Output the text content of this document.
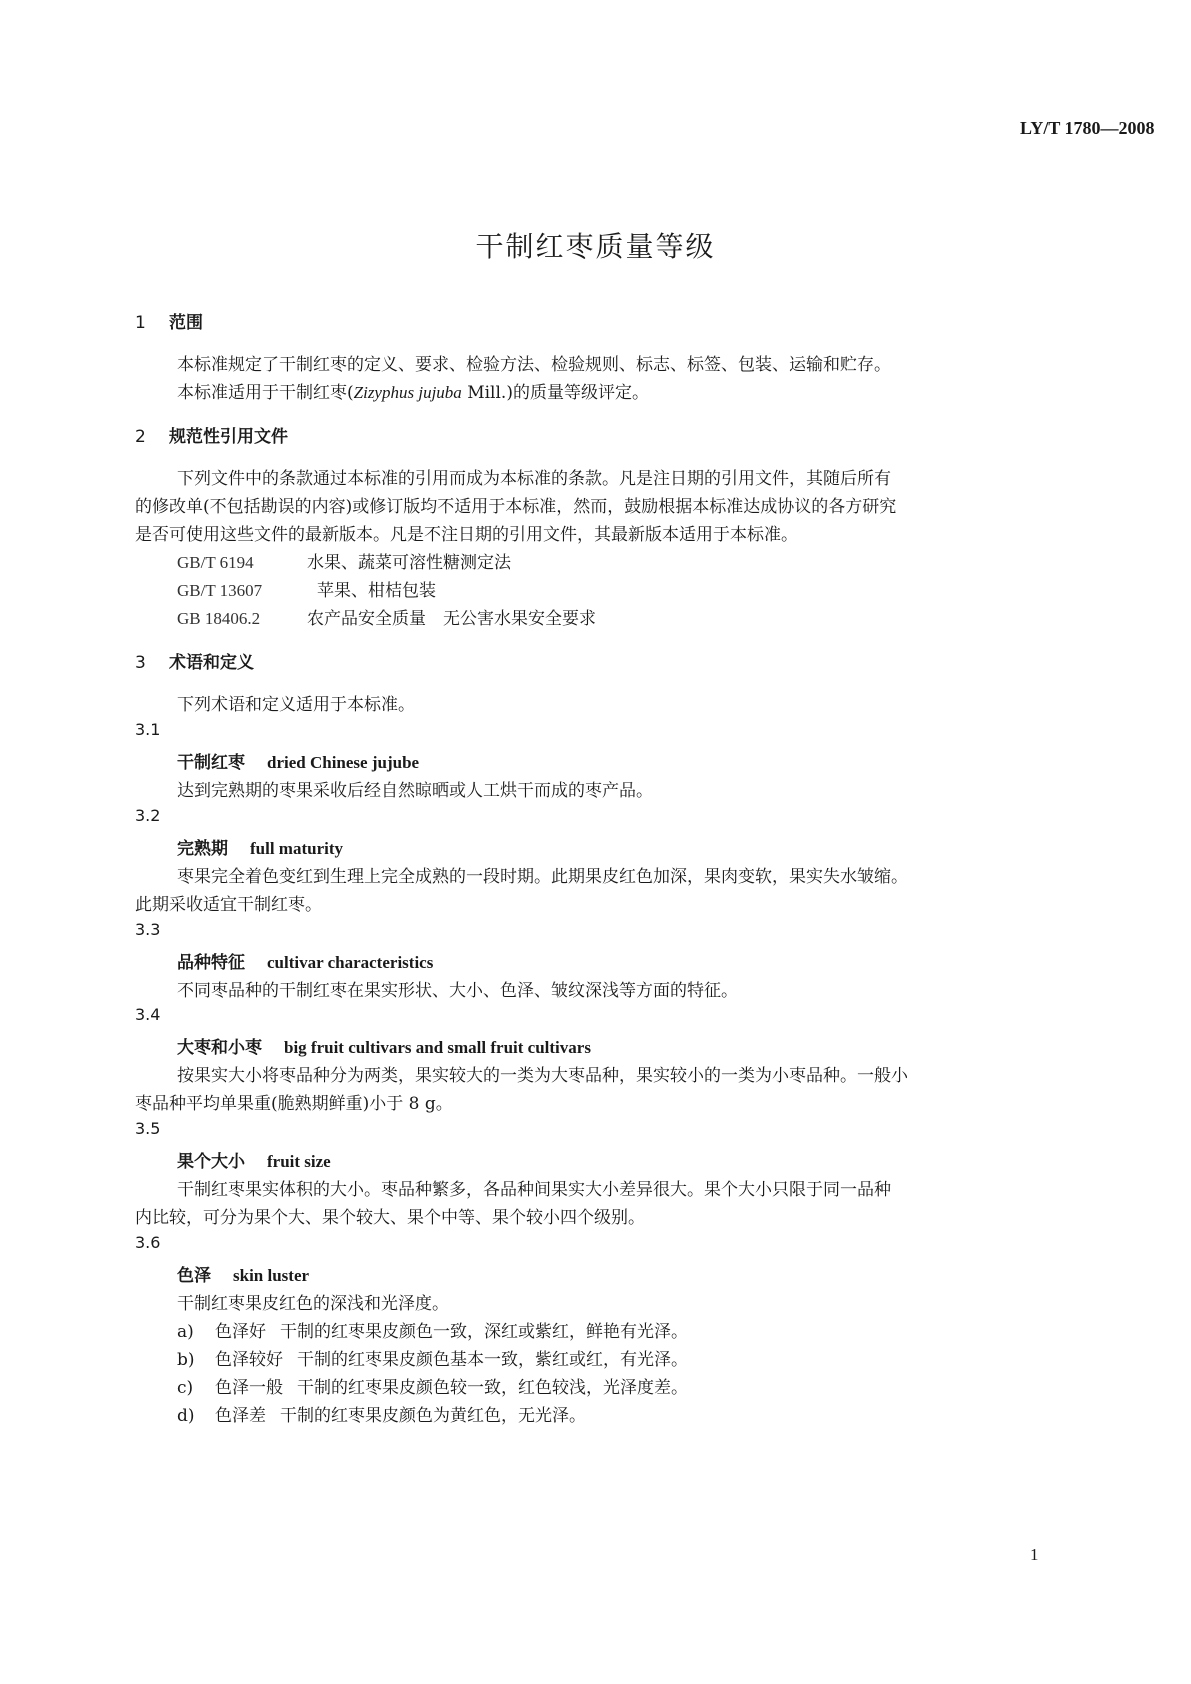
LY/T 1780—2008
干制红枣质量等级
1 范围
本标准规定了干制红枣的定义、要求、检验方法、检验规则、标志、标签、包装、运输和贮存。
本标准适用于干制红枣(Zizyphus jujuba Mill.)的质量等级评定。
2 规范性引用文件
下列文件中的条款通过本标准的引用而成为本标准的条款。凡是注日期的引用文件，其随后所有
的修改单(不包括勘误的内容)或修订版均不适用于本标准，然而，鼓励根据本标准达成协议的各方研究
是否可使用这些文件的最新版本。凡是不注日期的引用文件，其最新版本适用于本标准。
GB/T 6194	水果、蔬菜可溶性糖测定法
GB/T 13607	苹果、柑桔包装
GB 18406.2	农产品安全质量　无公害水果安全要求
3 术语和定义
下列术语和定义适用于本标准。
3.1
干制红枣 dried Chinese jujube
达到完熟期的枣果采收后经自然晾晒或人工烘干而成的枣产品。
3.2
完熟期 full maturity
枣果完全着色变红到生理上完全成熟的一段时期。此期果皮红色加深，果肉变软，果实失水皱缩。
此期采收适宜干制红枣。
3.3
品种特征 cultivar characteristics
不同枣品种的干制红枣在果实形状、大小、色泽、皱纹深浅等方面的特征。
3.4
大枣和小枣 big fruit cultivars and small fruit cultivars
按果实大小将枣品种分为两类，果实较大的一类为大枣品种，果实较小的一类为小枣品种。一般小
枣品种平均单果重(脆熟期鲜重)小于 8 g。
3.5
果个大小 fruit size
干制红枣果实体积的大小。枣品种繁多，各品种间果实大小差异很大。果个大小只限于同一品种
内比较，可分为果个大、果个较大、果个中等、果个较小四个级别。
3.6
色泽 skin luster
干制红枣果皮红色的深浅和光泽度。
a) 色泽好 干制的红枣果皮颜色一致，深红或紫红，鲜艳有光泽。
b) 色泽较好 干制的红枣果皮颜色基本一致，紫红或红，有光泽。
c) 色泽一般 干制的红枣果皮颜色较一致，红色较浅，光泽度差。
d) 色泽差 干制的红枣果皮颜色为黄红色，无光泽。
1
